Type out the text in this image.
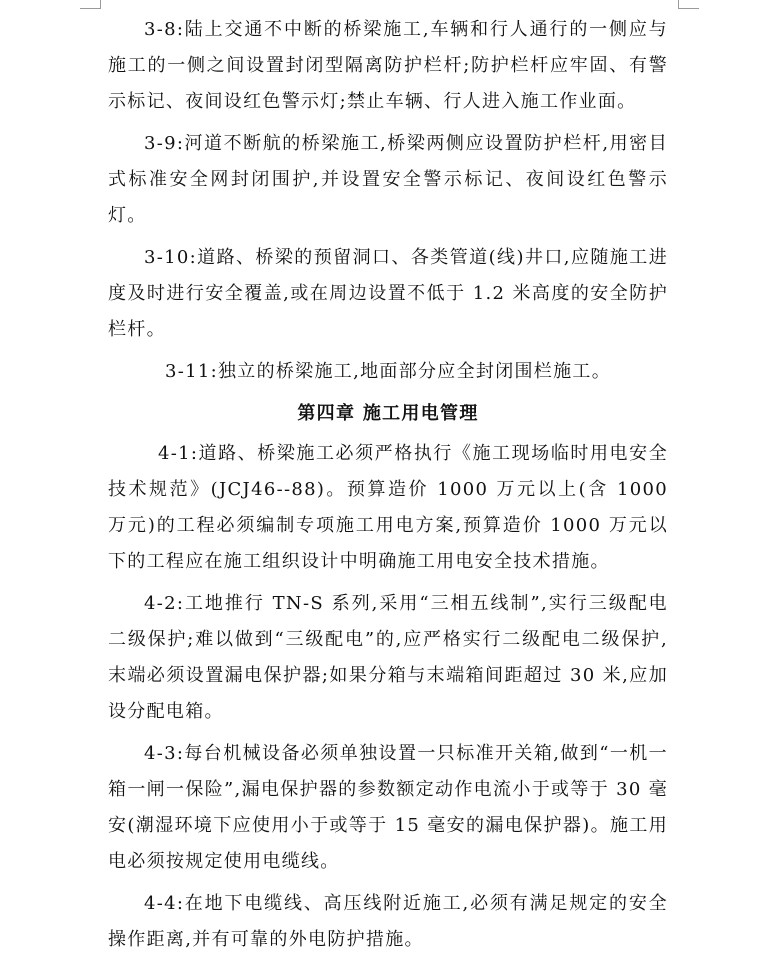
3-8:陆上交通不中断的桥梁施工,车辆和行人通行的一侧应与施工的一侧之间设置封闭型隔离防护栏杆;防护栏杆应牢固、有警示标记、夜间设红色警示灯;禁止车辆、行人进入施工作业面。

3-9:河道不断航的桥梁施工,桥梁两侧应设置防护栏杆,用密目式标准安全网封闭围护,并设置安全警示标记、夜间设红色警示灯。

3-10:道路、桥梁的预留洞口、各类管道(线)井口,应随施工进度及时进行安全覆盖,或在周边设置不低于 1.2 米高度的安全防护栏杆。

3-11:独立的桥梁施工,地面部分应全封闭围栏施工。

第四章 施工用电管理

4-1:道路、桥梁施工必须严格执行《施工现场临时用电安全技术规范》(JCJ46--88)。预算造价 1000 万元以上(含 1000 万元)的工程必须编制专项施工用电方案,预算造价 1000 万元以下的工程应在施工组织设计中明确施工用电安全技术措施。

4-2:工地推行 TN-S 系列,采用“三相五线制”,实行三级配电二级保护;难以做到“三级配电”的,应严格实行二级配电二级保护,末端必须设置漏电保护器;如果分箱与末端箱间距超过 30 米,应加设分配电箱。

4-3:每台机械设备必须单独设置一只标准开关箱,做到“一机一箱一闸一保险”,漏电保护器的参数额定动作电流小于或等于 30 毫安(潮湿环境下应使用小于或等于 15 毫安的漏电保护器)。施工用电必须按规定使用电缆线。

4-4:在地下电缆线、高压线附近施工,必须有满足规定的安全操作距离,并有可靠的外电防护措施。
